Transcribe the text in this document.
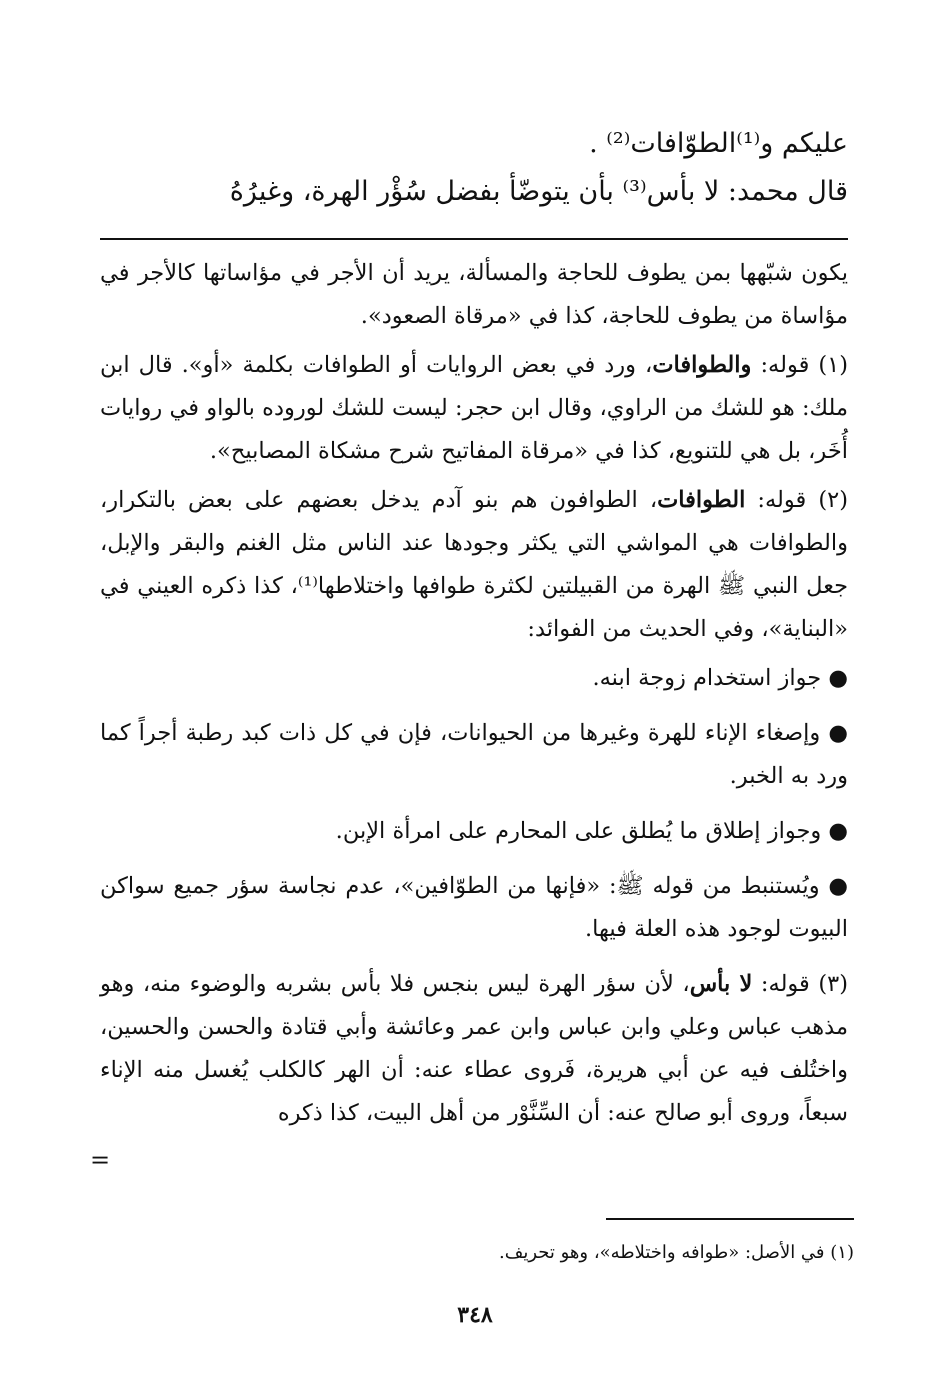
عليكم و⁽¹⁾الطوّافات⁽²⁾ .

قال محمد: لا بأس⁽³⁾ بأن يتوضّأ بفضل سُؤْر الهرة، وغيرُهُ

يكون شبّهها بمن يطوف للحاجة والمسألة، يريد أن الأجر في مؤاساتها كالأجر في مؤاساة من يطوف للحاجة، كذا في «مرقاة الصعود».

(١) قوله: والطوافات، ورد في بعض الروايات أو الطوافات بكلمة «أو». قال ابن ملك: هو للشك من الراوي، وقال ابن حجر: ليست للشك لوروده بالواو في روايات أُخَر، بل هي للتنويع، كذا في «مرقاة المفاتيح شرح مشكاة المصابيح».

(٢) قوله: الطوافات، الطوافون هم بنو آدم يدخل بعضهم على بعض بالتكرار، والطوافات هي المواشي التي يكثر وجودها عند الناس مثل الغنم والبقر والإبل، جعل النبي ﷺ الهرة من القبيلتين لكثرة طوافها واختلاطها⁽¹⁾، كذا ذكره العيني في «البناية»، وفي الحديث من الفوائد:

● جواز استخدام زوجة ابنه.

● وإصغاء الإناء للهرة وغيرها من الحيوانات، فإن في كل ذات كبد رطبة أجراً كما ورد به الخبر.

● وجواز إطلاق ما يُطلق على المحارم على امرأة الإبن.

● ويُستنبط من قوله ﷺ: «فإنها من الطوّافين»، عدم نجاسة سؤر جميع سواكن البيوت لوجود هذه العلة فيها.

(٣) قوله: لا بأس، لأن سؤر الهرة ليس بنجس فلا بأس بشربه والوضوء منه، وهو مذهب عباس وعلي وابن عباس وابن عمر وعائشة وأبي قتادة والحسن والحسين، واختُلف فيه عن أبي هريرة، فَروى عطاء عنه: أن الهر كالكلب يُغسل منه الإناء سبعاً، وروى أبو صالح عنه: أن السِّنَّوْر من أهل البيت، كذا ذكره

=
(١) في الأصل: «طوافه واختلاطه»، وهو تحريف.
٣٤٨
